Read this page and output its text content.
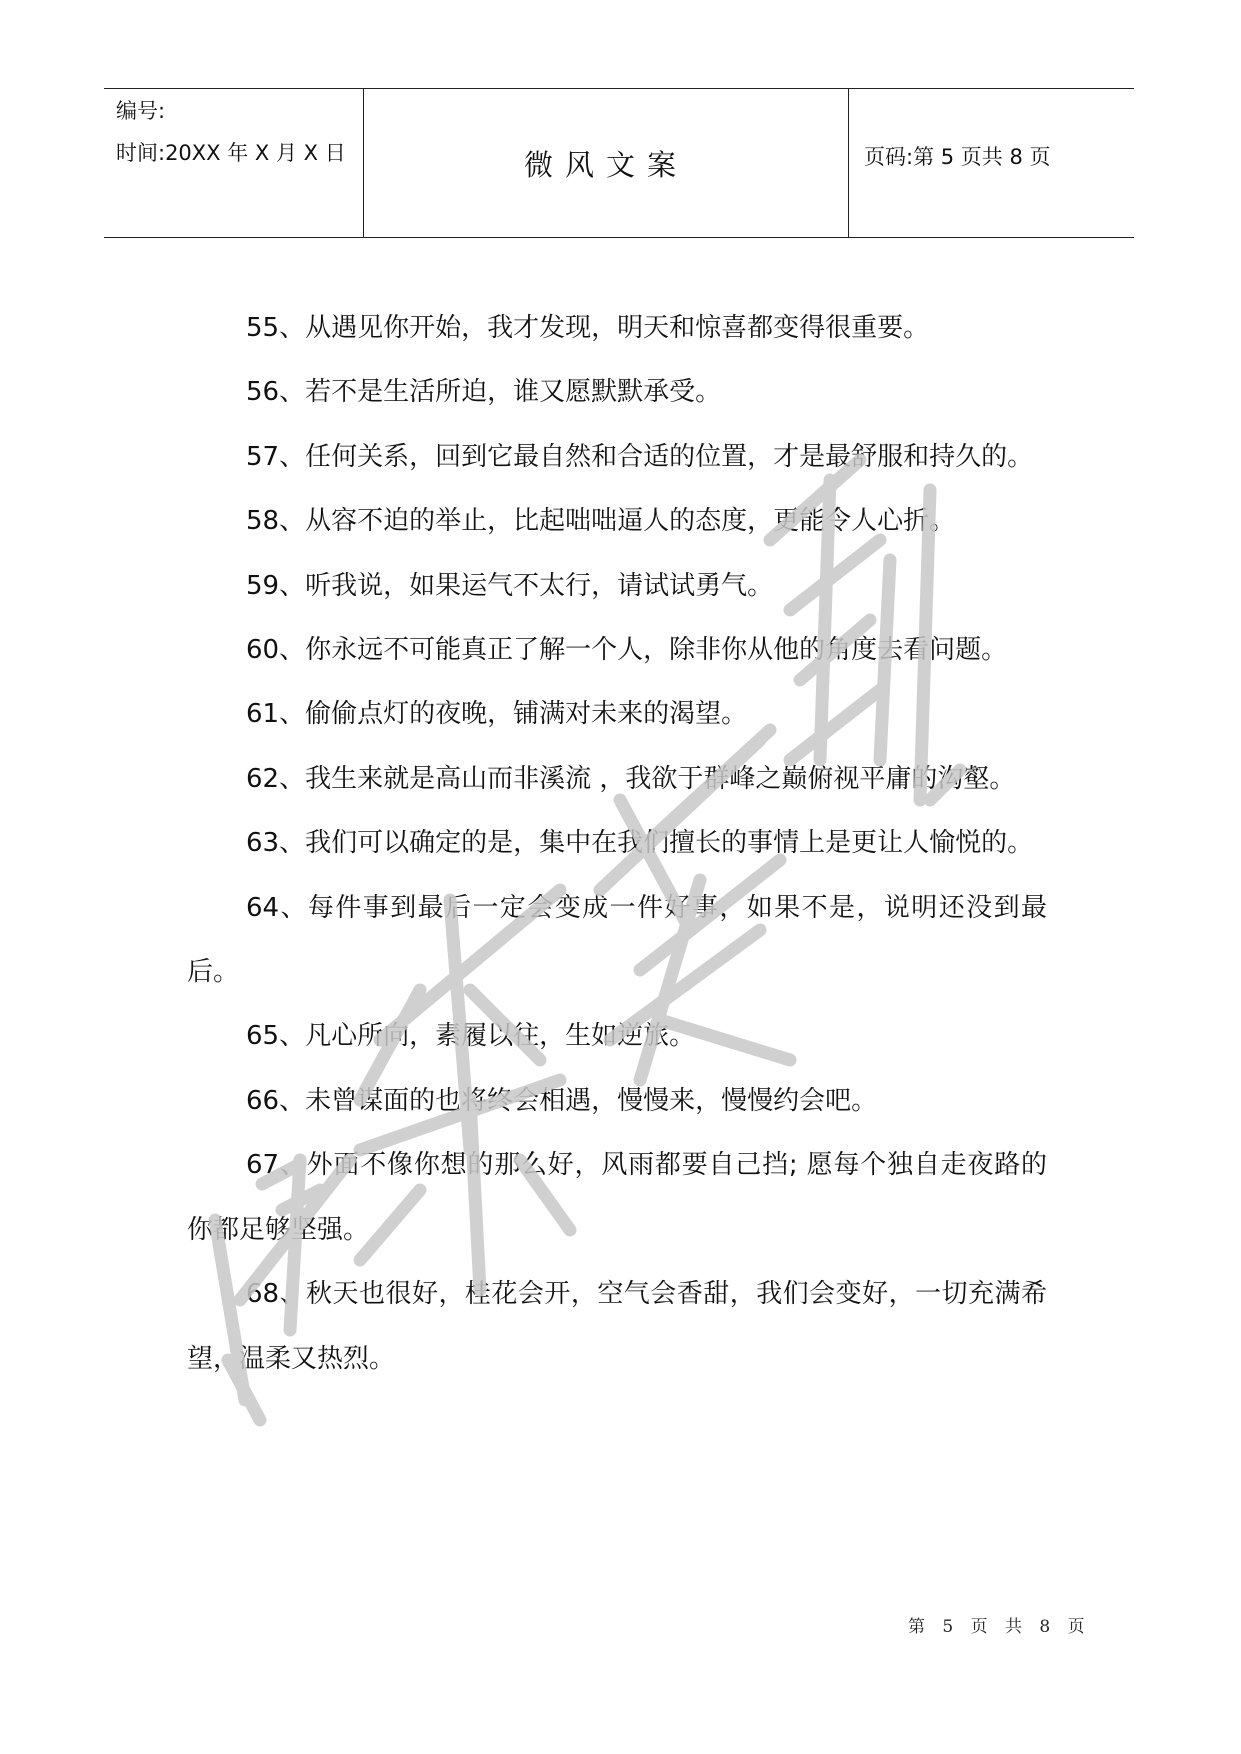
编号:
时间:20XX 年 X 月 X 日	微风文案	页码:第 5 页共 8 页

55、从遇见你开始，我才发现，明天和惊喜都变得很重要。

56、若不是生活所迫，谁又愿默默承受。

57、任何关系，回到它最自然和合适的位置，才是最舒服和持久的。

58、从容不迫的举止，比起咄咄逼人的态度，更能令人心折。

59、听我说，如果运气不太行，请试试勇气。

60、你永远不可能真正了解一个人，除非你从他的角度去看问题。

61、偷偷点灯的夜晚，铺满对未来的渴望。

62、我生来就是高山而非溪流 ，我欲于群峰之巅俯视平庸的沟壑。

63、我们可以确定的是，集中在我们擅长的事情上是更让人愉悦的。

64、每件事到最后一定会变成一件好事，如果不是，说明还没到最后。

65、凡心所向，素履以往，生如逆旅。

66、未曾谋面的也将终会相遇，慢慢来，慢慢约会吧。

67、外面不像你想的那么好，风雨都要自己挡; 愿每个独自走夜路的你都足够坚强。

68、秋天也很好，桂花会开，空气会香甜，我们会变好，一切充满希望，温柔又热烈。

第 5 页 共 8 页
